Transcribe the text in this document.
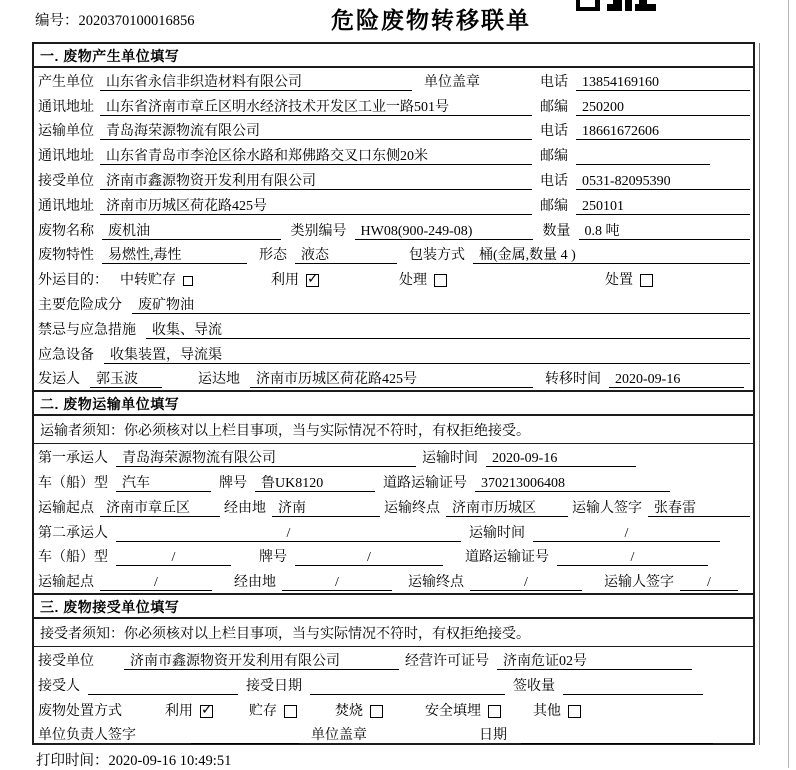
编号：2020370100016856	危险废物转移联单
一. 废物产生单位填写
产生单位 山东省永信非织造材料有限公司	单位盖章	电话	13854169160
通讯地址 山东省济南市章丘区明水经济技术开发区工业一路501号	邮编	250200
运输单位 青岛海荣源物流有限公司	电话	18661672606
通讯地址 山东省青岛市李沧区徐水路和郑佛路交叉口东侧20米	邮编
接受单位 济南市鑫源物资开发利用有限公司	电话	0531-82095390
通讯地址 济南市历城区荷花路425号	邮编	250101
废物名称	废机油	类别编号	HW08(900-249-08)	数量	0.8 吨
废物特性	易燃性,毒性	形态	液态	包装方式	桶(金属,数量 4 )
外运目的： 中转贮存	利用 ✓	处理	处置
主要危险成分	废矿物油
禁忌与应急措施	收集、导流
应急设备	收集装置，导流渠
发运人	郭玉波	运达地	济南市历城区荷花路425号	转移时间	2020-09-16
二. 废物运输单位填写
运输者须知：你必须核对以上栏目事项，当与实际情况不符时，有权拒绝接受。
第一承运人	青岛海荣源物流有限公司	运输时间	2020-09-16
车（船）型	汽车	牌号	鲁UK8120	道路运输证号	370213006408
运输起点 济南市章丘区	经由地 济南	运输终点 济南市历城区	运输人签字 张春雷
第二承运人	/	运输时间	/
车（船）型	/	牌号	/	道路运输证号	/
运输起点	/	经由地	/	运输终点	/	运输人签字	/
三. 废物接受单位填写
接受者须知：你必须核对以上栏目事项，当与实际情况不符时，有权拒绝接受。
接受单位	济南市鑫源物资开发利用有限公司	经营许可证号	济南危证02号
接受人	接受日期	签收量
废物处置方式	利用 ✓	贮存	焚烧	安全填埋	其他
单位负责人签字	单位盖章	日期
打印时间：2020-09-16 10:49:51
